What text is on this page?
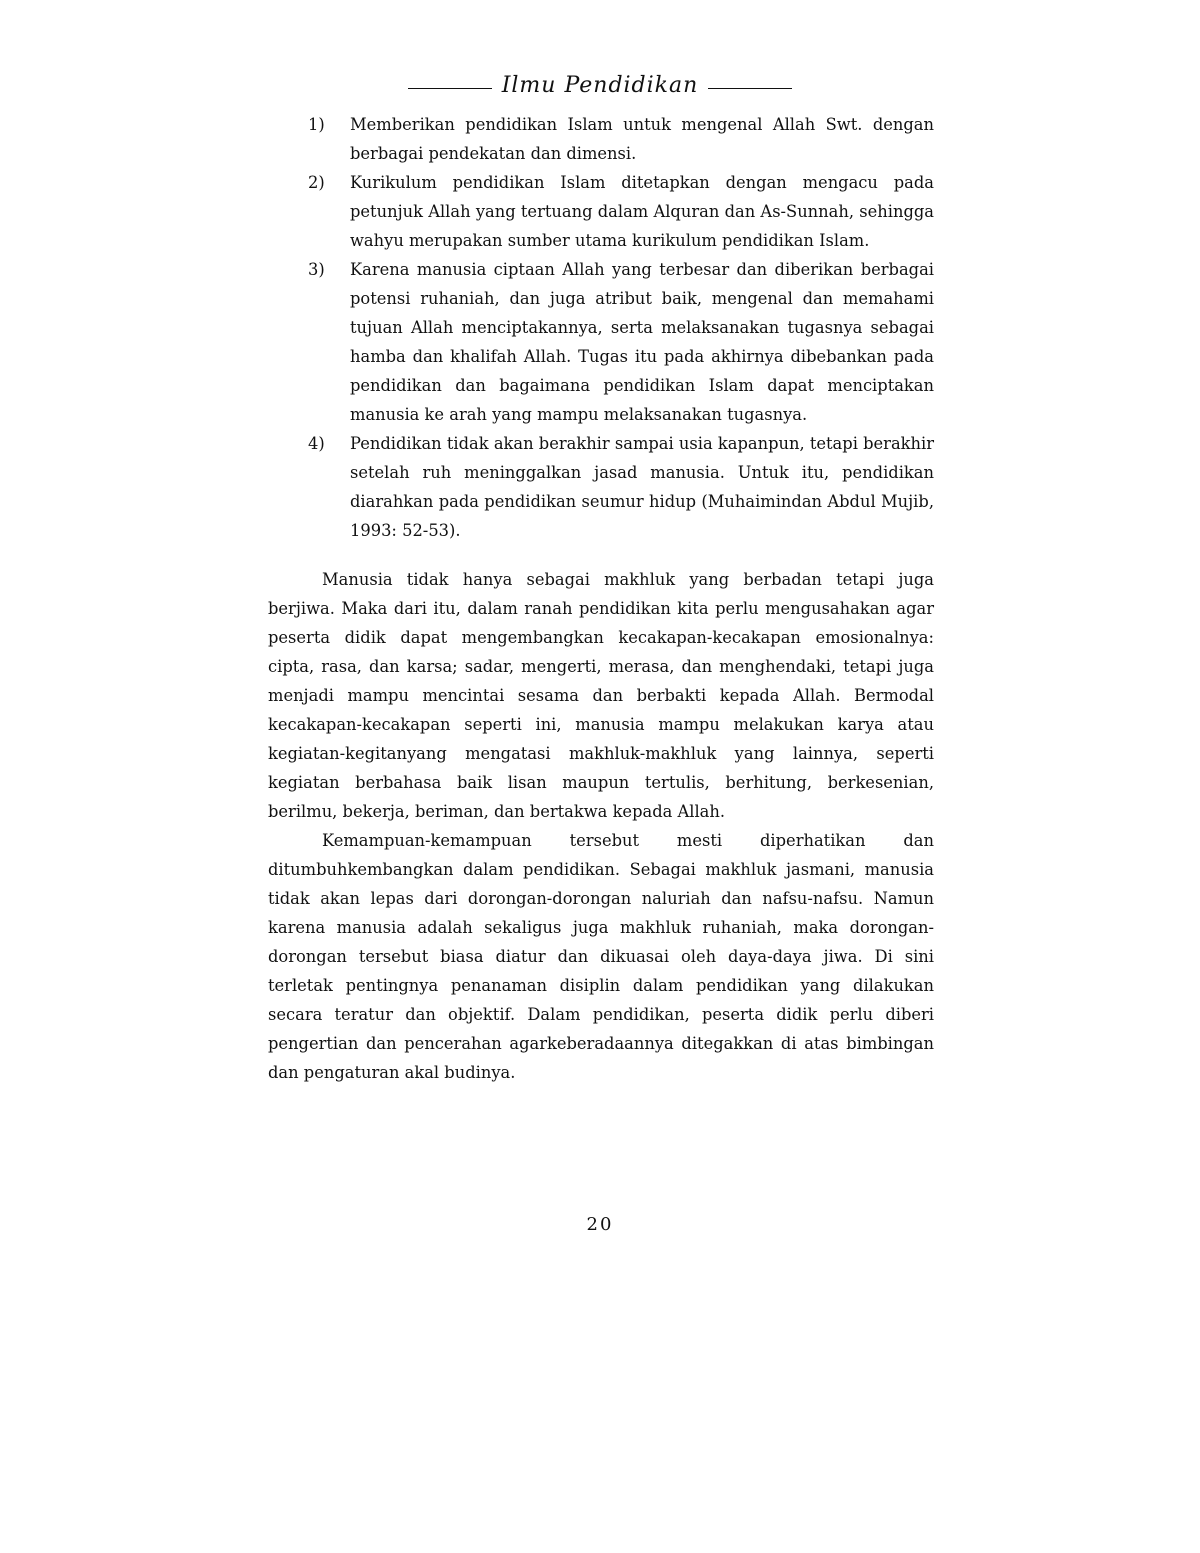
Ilmu Pendidikan
1)	Memberikan pendidikan Islam untuk mengenal Allah Swt. dengan berbagai pendekatan dan dimensi.
2)	Kurikulum pendidikan Islam ditetapkan dengan mengacu pada petunjuk Allah yang tertuang dalam Alquran dan As-Sunnah, sehingga wahyu merupakan sumber utama kurikulum pendidikan Islam.
3)	Karena manusia ciptaan Allah yang terbesar dan diberikan berbagai potensi ruhaniah, dan juga atribut baik, mengenal dan memahami tujuan Allah menciptakannya, serta melaksanakan tugasnya sebagai hamba dan khalifah Allah. Tugas itu pada akhirnya dibebankan pada pendidikan dan bagaimana pendidikan Islam dapat menciptakan manusia ke arah yang mampu melaksanakan tugasnya.
4)	Pendidikan tidak akan berakhir sampai usia kapanpun, tetapi berakhir setelah ruh meninggalkan jasad manusia. Untuk itu, pendidikan diarahkan pada pendidikan seumur hidup (Muhaimindan Abdul Mujib, 1993: 52-53).

Manusia tidak hanya sebagai makhluk yang berbadan tetapi juga berjiwa. Maka dari itu, dalam ranah pendidikan kita perlu mengusahakan agar peserta didik dapat mengembangkan kecakapan-kecakapan emosionalnya: cipta, rasa, dan karsa; sadar, mengerti, merasa, dan menghendaki, tetapi juga menjadi mampu mencintai sesama dan berbakti kepada Allah. Bermodal kecakapan-kecakapan seperti ini, manusia mampu melakukan karya atau kegiatan-kegitanyang mengatasi makhluk-makhluk yang lainnya, seperti kegiatan berbahasa baik lisan maupun tertulis, berhitung, berkesenian, berilmu, bekerja, beriman, dan bertakwa kepada Allah.

Kemampuan-kemampuan tersebut mesti diperhatikan dan ditumbuhkembangkan dalam pendidikan. Sebagai makhluk jasmani, manusia tidak akan lepas dari dorongan-dorongan naluriah dan nafsu-nafsu. Namun karena manusia adalah sekaligus juga makhluk ruhaniah, maka dorongan-dorongan tersebut biasa diatur dan dikuasai oleh daya-daya jiwa. Di sini terletak pentingnya penanaman disiplin dalam pendidikan yang dilakukan secara teratur dan objektif. Dalam pendidikan, peserta didik perlu diberi pengertian dan pencerahan agarkeberadaannya ditegakkan di atas bimbingan dan pengaturan akal budinya.

20
